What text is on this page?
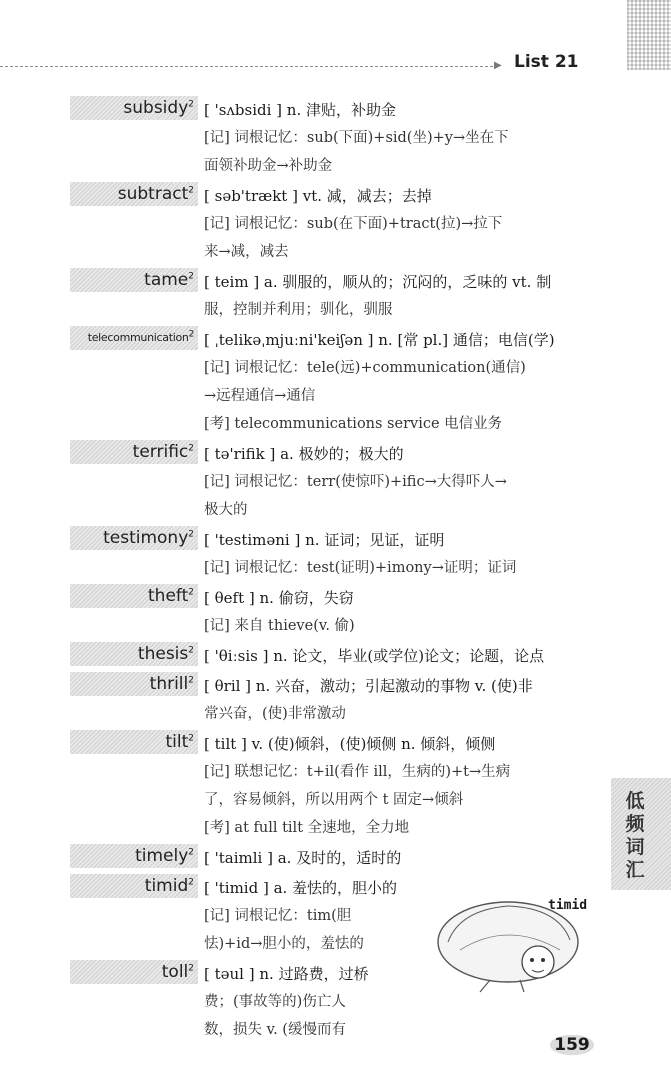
▶ List 21
subsidy$^2$ [ 'sʌbsidi ] n. 津贴，补助金
[记] 词根记忆：sub(下面)+sid(坐)+y→坐在下
面领补助金→补助金
subtract$^2$ [ səb'trækt ] vt. 减，减去；去掉
[记] 词根记忆：sub(在下面)+tract(拉)→拉下
来→减，减去
tame$^2$ [ teim ] a. 驯服的，顺从的；沉闷的，乏味的 vt. 制
服，控制并利用；驯化，驯服
telecommunication$^2$ [ ˌtelikəˌmjuːni'keiʃən ] n. [常 pl.] 通信；电信(学)
[记] 词根记忆：tele(远)+communication(通信)
→远程通信→通信
[考] telecommunications service 电信业务
terrific$^2$ [ tə'rifik ] a. 极妙的；极大的
[记] 词根记忆：terr(使惊吓)+ific→大得吓人→
极大的
testimony$^2$ [ 'testiməni ] n. 证词；见证，证明
[记] 词根记忆：test(证明)+imony→证明；证词
theft$^2$ [ θeft ] n. 偷窃，失窃
[记] 来自 thieve(v. 偷)
thesis$^2$ [ 'θiːsis ] n. 论文，毕业(或学位)论文；论题，论点
thrill$^2$ [ θril ] n. 兴奋，激动；引起激动的事物 v. (使)非
常兴奋，(使)非常激动
tilt$^2$ [ tilt ] v. (使)倾斜，(使)倾侧 n. 倾斜，倾侧
[记] 联想记忆：t+il(看作 ill，生病的)+t→生病
了，容易倾斜，所以用两个 t 固定→倾斜
[考] at full tilt 全速地，全力地
timely$^2$ [ 'taimli ] a. 及时的，适时的
timid$^2$ [ 'timid ] a. 羞怯的，胆小的
[记] 词根记忆：tim(胆
怯)+id→胆小的，羞怯的
toll$^2$ [ təul ] n. 过路费，过桥
费；(事故等的)伤亡人
数，损失 v. (缓慢而有
低频词汇
timid
159
